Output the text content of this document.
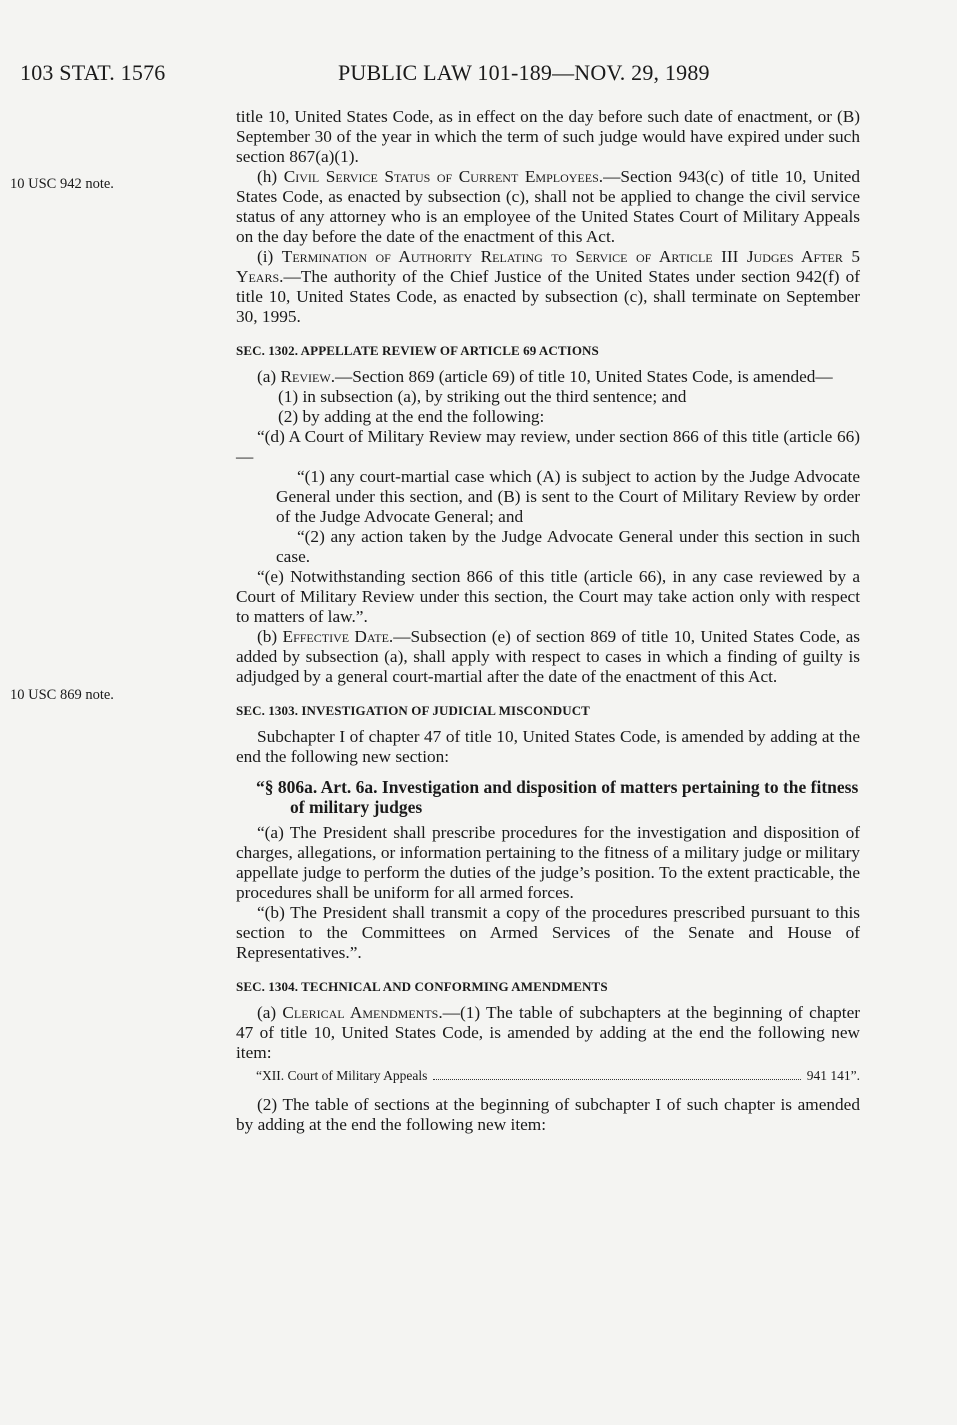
103 STAT. 1576	PUBLIC LAW 101-189—NOV. 29, 1989
10 USC 942 note.
10 USC 869 note.

title 10, United States Code, as in effect on the day before such date of enactment, or (B) September 30 of the year in which the term of such judge would have expired under such section 867(a)(1).

(h) Civil Service Status of Current Employees.—Section 943(c) of title 10, United States Code, as enacted by subsection (c), shall not be applied to change the civil service status of any attorney who is an employee of the United States Court of Military Appeals on the day before the date of the enactment of this Act.

(i) Termination of Authority Relating to Service of Article III Judges After 5 Years.—The authority of the Chief Justice of the United States under section 942(f) of title 10, United States Code, as enacted by subsection (c), shall terminate on September 30, 1995.

SEC. 1302. APPELLATE REVIEW OF ARTICLE 69 ACTIONS

(a) Review.—Section 869 (article 69) of title 10, United States Code, is amended—

(1) in subsection (a), by striking out the third sentence; and

(2) by adding at the end the following:

“(d) A Court of Military Review may review, under section 866 of this title (article 66)—

“(1) any court-martial case which (A) is subject to action by the Judge Advocate General under this section, and (B) is sent to the Court of Military Review by order of the Judge Advocate General; and

“(2) any action taken by the Judge Advocate General under this section in such case.

“(e) Notwithstanding section 866 of this title (article 66), in any case reviewed by a Court of Military Review under this section, the Court may take action only with respect to matters of law.”.

(b) Effective Date.—Subsection (e) of section 869 of title 10, United States Code, as added by subsection (a), shall apply with respect to cases in which a finding of guilty is adjudged by a general court-martial after the date of the enactment of this Act.

SEC. 1303. INVESTIGATION OF JUDICIAL MISCONDUCT

Subchapter I of chapter 47 of title 10, United States Code, is amended by adding at the end the following new section:

“§ 806a. Art. 6a. Investigation and disposition of matters pertaining to the fitness of military judges

“(a) The President shall prescribe procedures for the investigation and disposition of charges, allegations, or information pertaining to the fitness of a military judge or military appellate judge to perform the duties of the judge’s position. To the extent practicable, the procedures shall be uniform for all armed forces.

“(b) The President shall transmit a copy of the procedures prescribed pursuant to this section to the Committees on Armed Services of the Senate and House of Representatives.”.

SEC. 1304. TECHNICAL AND CONFORMING AMENDMENTS

(a) Clerical Amendments.—(1) The table of subchapters at the beginning of chapter 47 of title 10, United States Code, is amended by adding at the end the following new item:

“XII. Court of Military Appeals	941 141”.

(2) The table of sections at the beginning of subchapter I of such chapter is amended by adding at the end the following new item:
